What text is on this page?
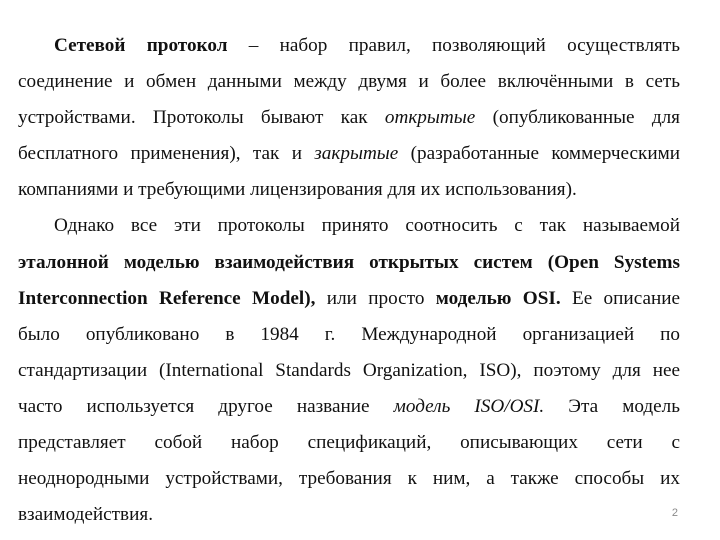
Сетевой протокол – набор правил, позволяющий осуществлять
соединение и обмен данными между двумя и более включёнными в сеть
устройствами. Протоколы бывают как открытые (опубликованные для
бесплатного применения), так и закрытые (разработанные коммерческими
компаниями и требующими лицензирования для их использования).
Однако все эти протоколы принято соотносить с так называемой
эталонной моделью взаимодействия открытых систем (Open Systems
Interconnection Reference Model), или просто моделью OSI. Ее описание
было опубликовано в 1984 г. Международной организацией по
стандартизации (International Standards Organization, ISO), поэтому для нее
часто используется другое название модель ISO/OSI. Эта модель
представляет собой набор спецификаций, описывающих сети с
неоднородными устройствами, требования к ним, а также способы их
взаимодействия.	2
